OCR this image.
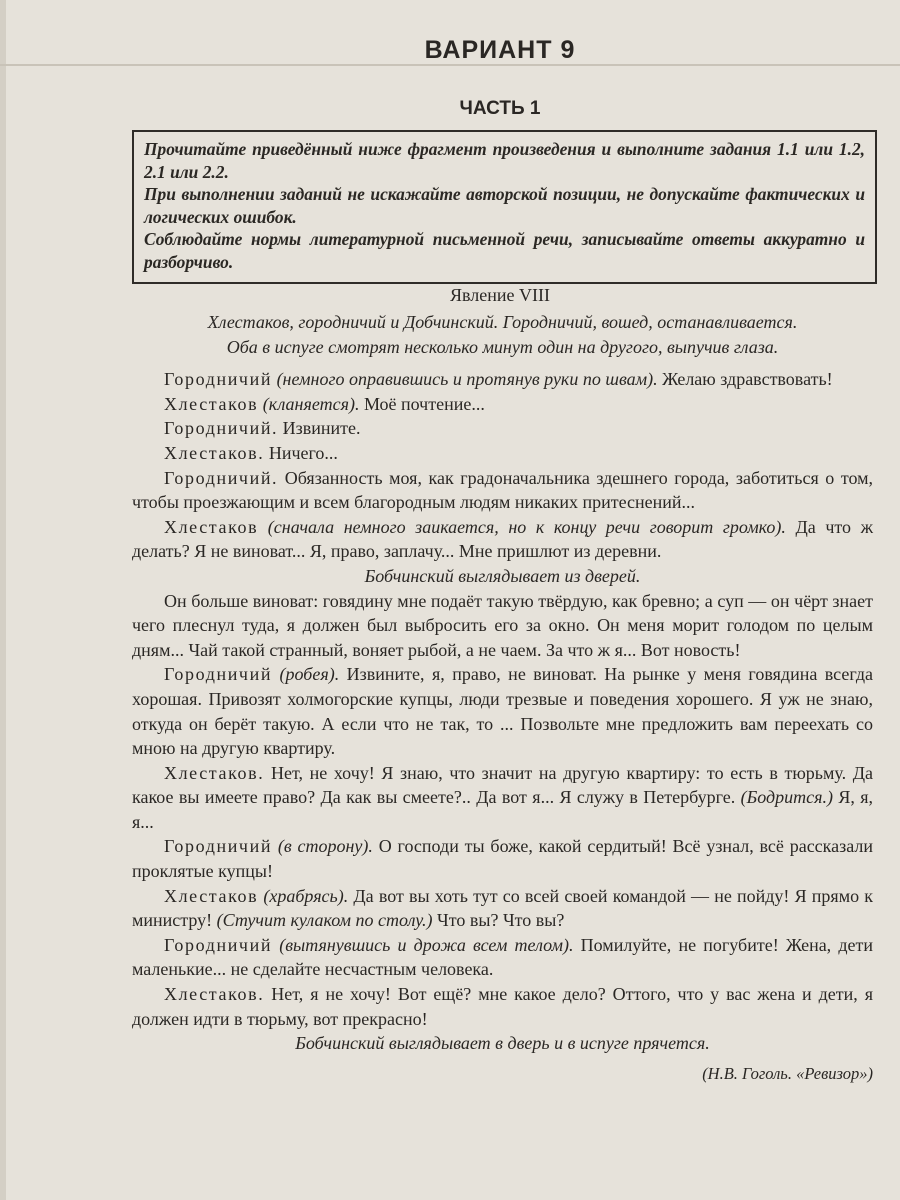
ВАРИАНТ 9
ЧАСТЬ 1

Прочитайте приведённый ниже фрагмент произведения и выполните задания 1.1 или 1.2, 2.1 или 2.2.

При выполнении заданий не искажайте авторской позиции, не допускайте фактических и логических ошибок.

Соблюдайте нормы литературной письменной речи, записывайте ответы аккуратно и разборчиво.

Явление VIII

Хлестаков, городничий и Добчинский. Городничий, вошед, останавливается.
Оба в испуге смотрят несколько минут один на другого, выпучив глаза.

Городничий (немного оправившись и протянув руки по швам). Желаю здравствовать!

Хлестаков (кланяется). Моё почтение...

Городничий. Извините.

Хлестаков. Ничего...

Городничий. Обязанность моя, как градоначальника здешнего города, заботиться о том, чтобы проезжающим и всем благородным людям никаких притеснений...

Хлестаков (сначала немного заикается, но к концу речи говорит громко). Да что ж делать? Я не виноват... Я, право, заплачу... Мне пришлют из деревни.

Бобчинский выглядывает из дверей.

Он больше виноват: говядину мне подаёт такую твёрдую, как бревно; а суп — он чёрт знает чего плеснул туда, я должен был выбросить его за окно. Он меня морит голодом по целым дням... Чай такой странный, воняет рыбой, а не чаем. За что ж я... Вот новость!

Городничий (робея). Извините, я, право, не виноват. На рынке у меня говядина всегда хорошая. Привозят холмогорские купцы, люди трезвые и поведения хорошего. Я уж не знаю, откуда он берёт такую. А если что не так, то ... Позвольте мне предложить вам переехать со мною на другую квартиру.

Хлестаков. Нет, не хочу! Я знаю, что значит на другую квартиру: то есть в тюрьму. Да какое вы имеете право? Да как вы смеете?.. Да вот я... Я служу в Петербурге. (Бодрится.) Я, я, я...

Городничий (в сторону). О господи ты боже, какой сердитый! Всё узнал, всё рассказали проклятые купцы!

Хлестаков (храбрясь). Да вот вы хоть тут со всей своей командой — не пойду! Я прямо к министру! (Стучит кулаком по столу.) Что вы? Что вы?

Городничий (вытянувшись и дрожа всем телом). Помилуйте, не погубите! Жена, дети маленькие... не сделайте несчастным человека.

Хлестаков. Нет, я не хочу! Вот ещё? мне какое дело? Оттого, что у вас жена и дети, я должен идти в тюрьму, вот прекрасно!

Бобчинский выглядывает в дверь и в испуге прячется.

(Н.В. Гоголь. «Ревизор»)
